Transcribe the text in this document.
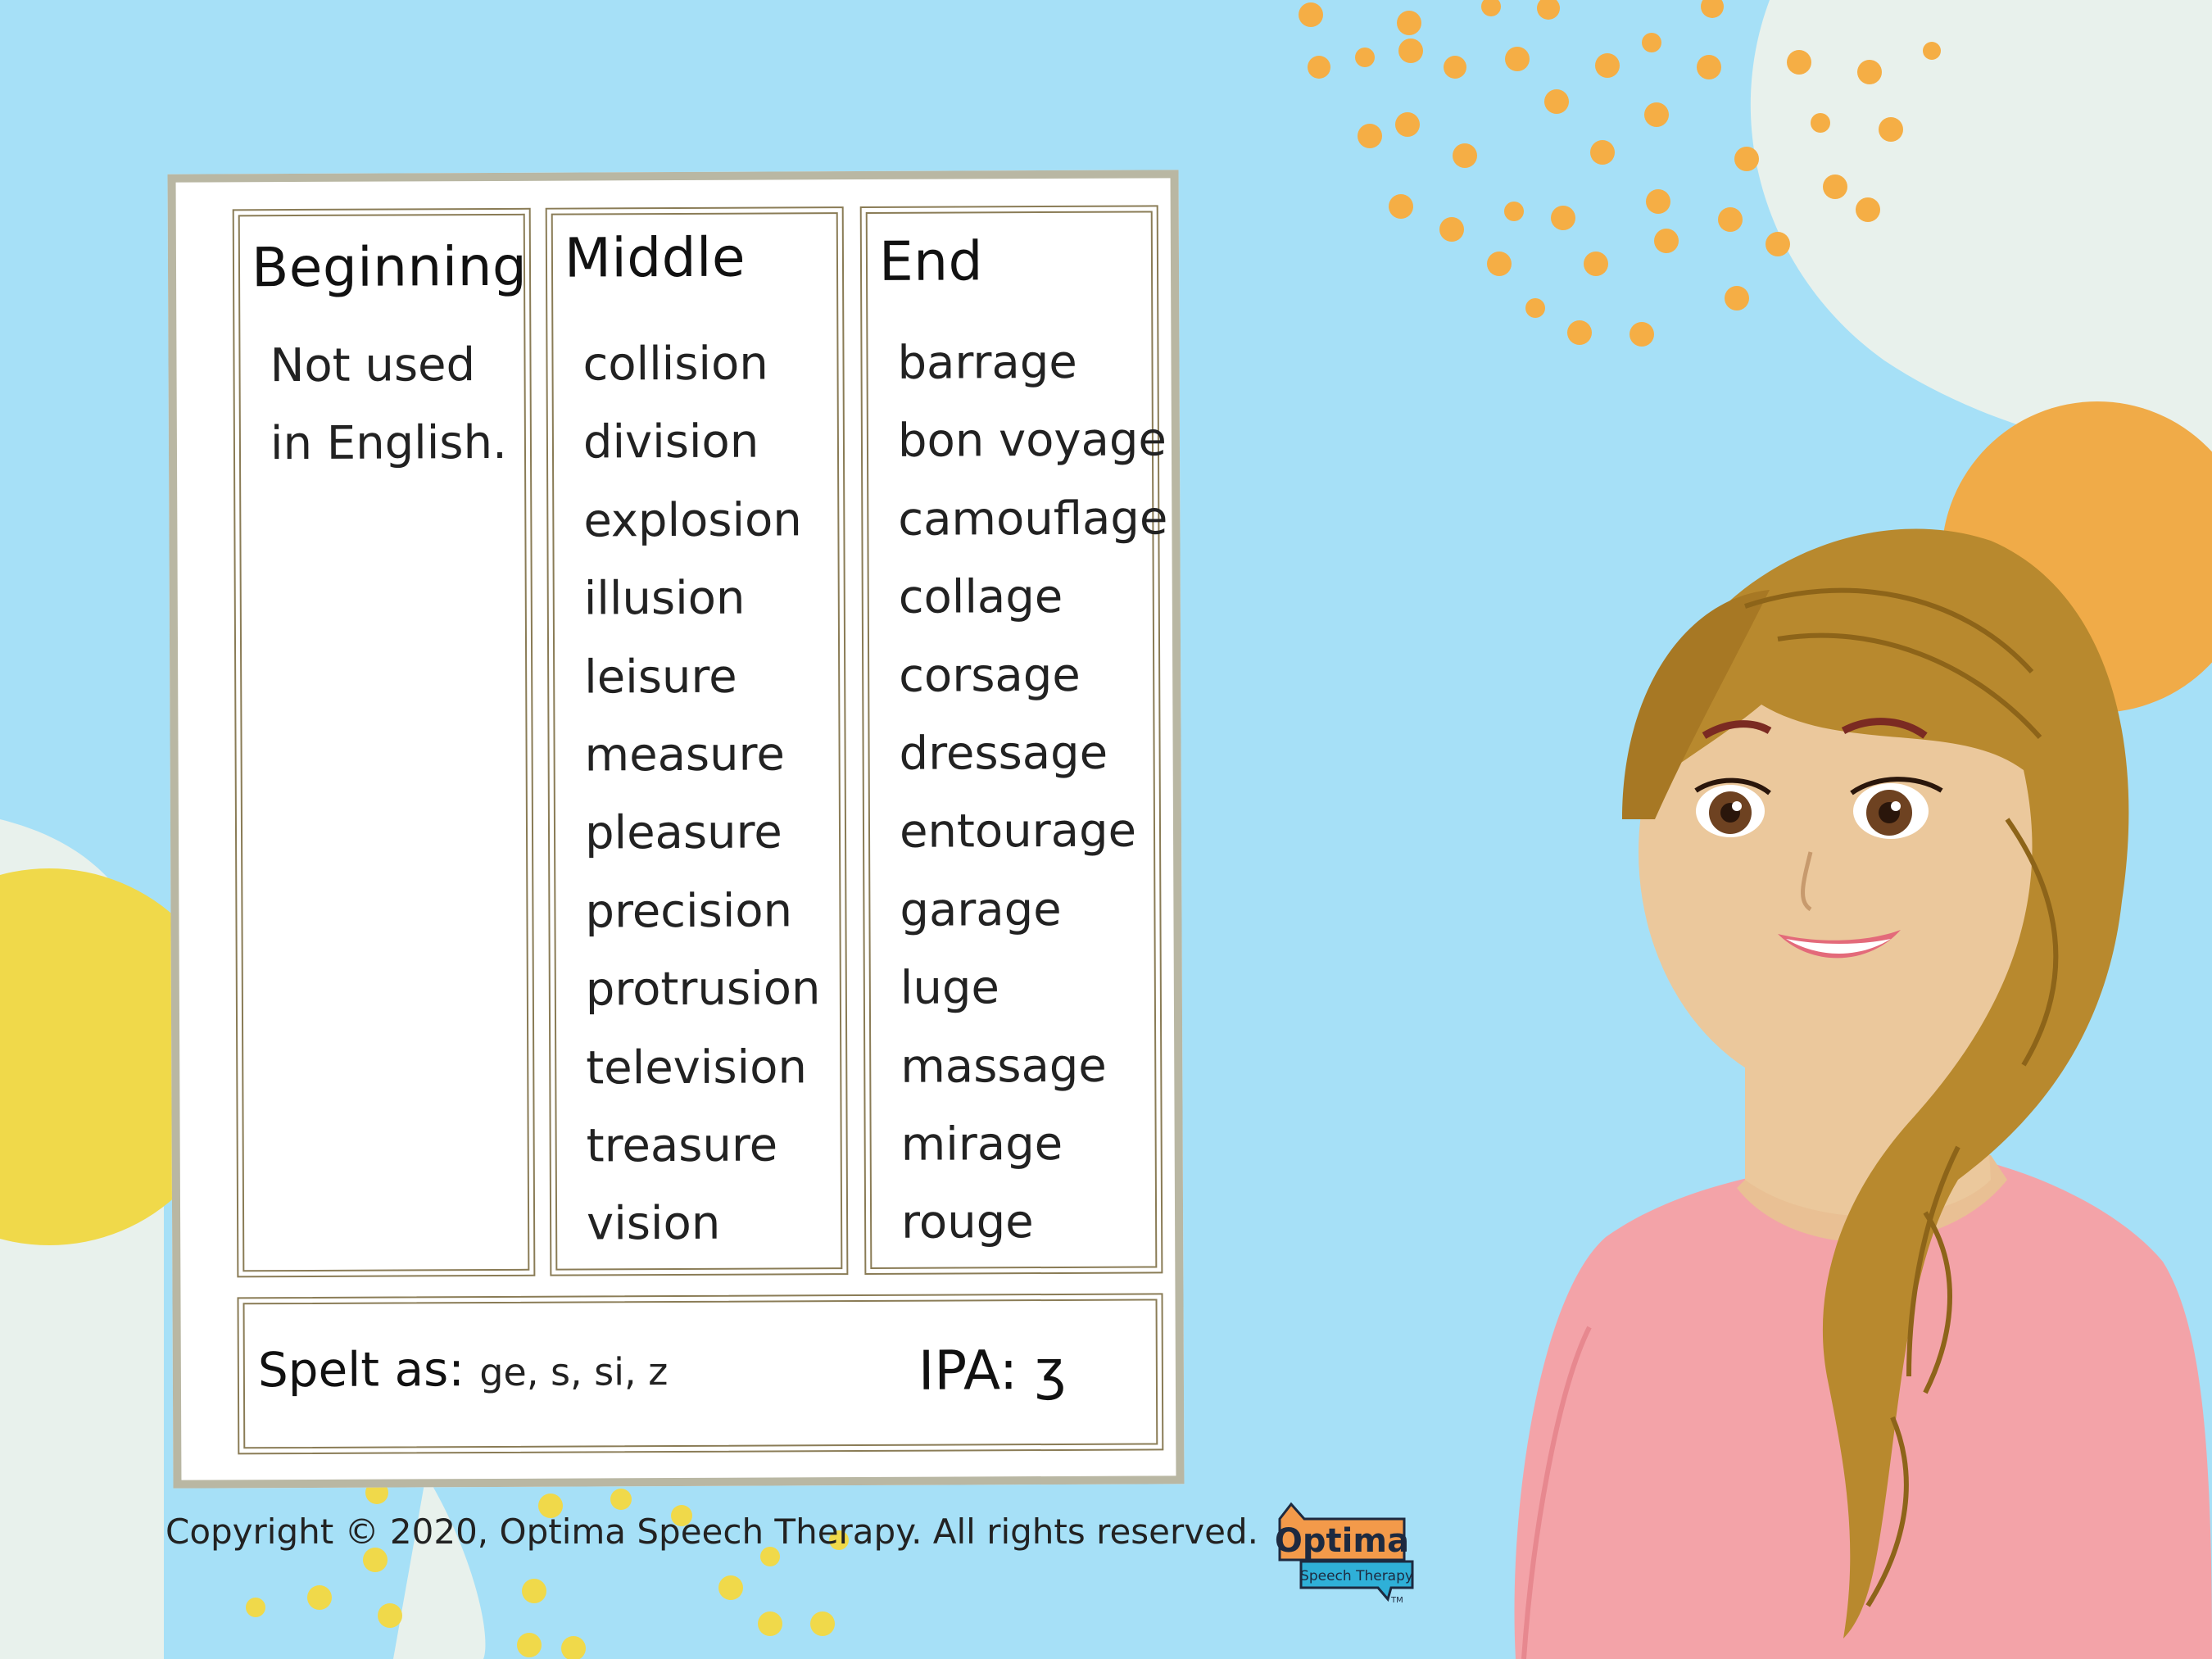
Beginning
Not used
in English.
Middle
collision
division
explosion
illusion
leisure
measure
pleasure
precision
protrusion
television
treasure
vision
End
barrage
bon voyage
camouflage
collage
corsage
dressage
entourage
garage
luge
massage
mirage
rouge
Spelt as: ge, s, si, z	IPA: ʒ
Copyright © 2020, Optima Speech Therapy. All rights reserved. Optima
Speech Therapy
TM
